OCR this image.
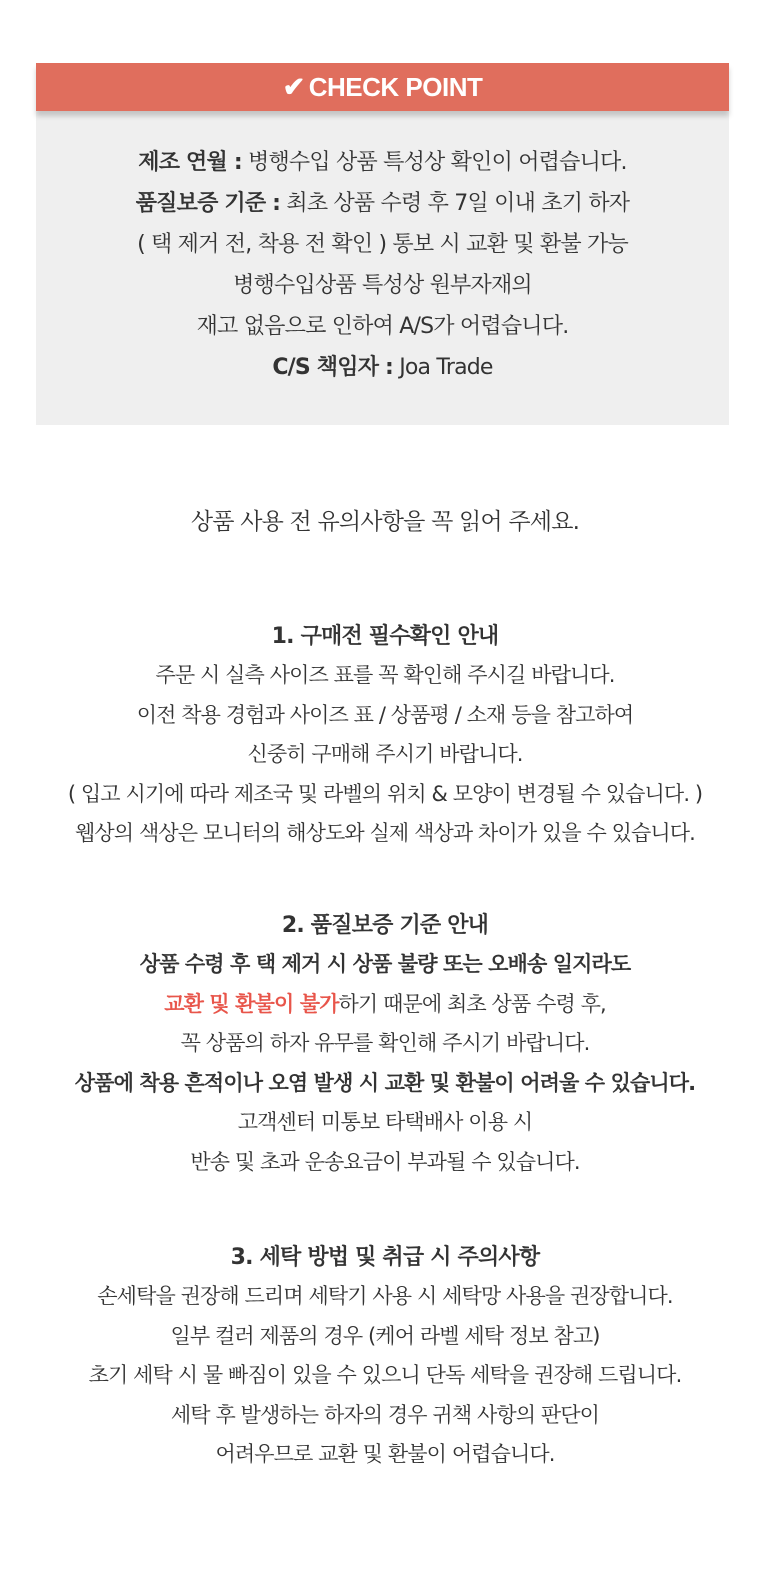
✔ CHECK POINT
제조 연월 : 병행수입 상품 특성상 확인이 어렵습니다.
품질보증 기준 : 최초 상품 수령 후 7일 이내 초기 하자
( 택 제거 전, 착용 전 확인 ) 통보 시 교환 및 환불 가능
병행수입상품 특성상 원부자재의
재고 없음으로 인하여 A/S가 어렵습니다.
C/S 책임자 : Joa Trade
상품 사용 전 유의사항을 꼭 읽어 주세요.
1. 구매전 필수확인 안내
주문 시 실측 사이즈 표를 꼭 확인해 주시길 바랍니다.
이전 착용 경험과 사이즈 표 / 상품평 / 소재 등을 참고하여
신중히 구매해 주시기 바랍니다.
( 입고 시기에 따라 제조국 및 라벨의 위치 & 모양이 변경될 수 있습니다. )
웹상의 색상은 모니터의 해상도와 실제 색상과 차이가 있을 수 있습니다.
2. 품질보증 기준 안내
상품 수령 후 택 제거 시 상품 불량 또는 오배송 일지라도
교환 및 환불이 불가하기 때문에 최초 상품 수령 후,
꼭 상품의 하자 유무를 확인해 주시기 바랍니다.
상품에 착용 흔적이나 오염 발생 시 교환 및 환불이 어려울 수 있습니다.
고객센터 미통보 타택배사 이용 시
반송 및 초과 운송요금이 부과될 수 있습니다.
3. 세탁 방법 및 취급 시 주의사항
손세탁을 권장해 드리며 세탁기 사용 시 세탁망 사용을 권장합니다.
일부 컬러 제품의 경우 (케어 라벨 세탁 정보 참고)
초기 세탁 시 물 빠짐이 있을 수 있으니 단독 세탁을 권장해 드립니다.
세탁 후 발생하는 하자의 경우 귀책 사항의 판단이
어려우므로 교환 및 환불이 어렵습니다.
